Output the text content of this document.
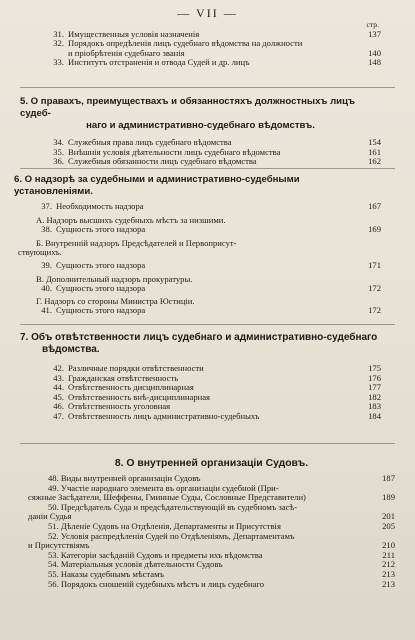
— VII —
стр.
31. Имущественныя условія назначенія	137
32. Порядокъ опредѣленія лицъ судебнаго вѣдомства на должности
и пріобрѣтенія судебнаго званія	140
33. Институтъ отстраненія и отвода Судей и др. лицъ	148
5. О правахъ, преимуществахъ и обязанностяхъ должностныхъ лицъ судеб-
наго и административно-судебнаго вѣдомствъ.
34. Служебныя права лицъ судебнаго вѣдомства	154
35. Внѣшнія условія дѣятельности лицъ судебнаго вѣдомства	161
36. Служебныя обязанности лицъ судебнаго вѣдомства	162
6. О надзорѣ за судебными и административно-судебными установленіями.
37. Необходимость надзора	167
А. Надзоръ высшихъ судебныхъ мѣстъ за низшими.
38. Сущность этого надзора	169
Б. Внутренній надзоръ Предсѣдателей и Первоприсут-
ствующихъ.
39. Сущность этого надзора	171
В. Дополнительный надзоръ прокуратуры.
40. Сущность этого надзора	172
Г. Надзоръ со стороны Министра Юстиціи.
41. Сущность этого надзора	172
7. Объ отвѣтственности лицъ судебнаго и административно-судебнаго
вѣдомства.
42. Различные порядки отвѣтственности	175
43. Гражданская отвѣтственность	176
44. Отвѣтственность дисциплинарная	177
45. Отвѣтственность внѣ-дисциплинарная	182
46. Отвѣтственность уголовная	183
47. Отвѣтственность лицъ административно-судебныхъ	184
8. О внутренней организаціи Судовъ.
48. Виды внутренней организаціи Судовъ	187
49. Участіе народнаго элемента въ организаціи судебной (При-
сяжные Засѣдатели, Шеффены, Гминные Суды, Сословные Представители)	189
50. Предсѣдатель Суда и предсѣдательствующій въ судебномъ засѣ-
даніи Судья	201
51. Дѣленіе Судовъ на Отдѣленія, Департаменты и Присутствія	205
52. Условія распредѣленія Судей по Отдѣленіямъ, Департаментамъ
и Присутствіямъ	210
53. Категоріи засѣданій Судовъ и предметы ихъ вѣдомства	211
54. Матеріальныя условія дѣятельности Судовъ	212
55. Наказы судебнымъ мѣстамъ	213
56. Порядокъ сношеній судебныхъ мѣстъ и лицъ судебнаго	213
